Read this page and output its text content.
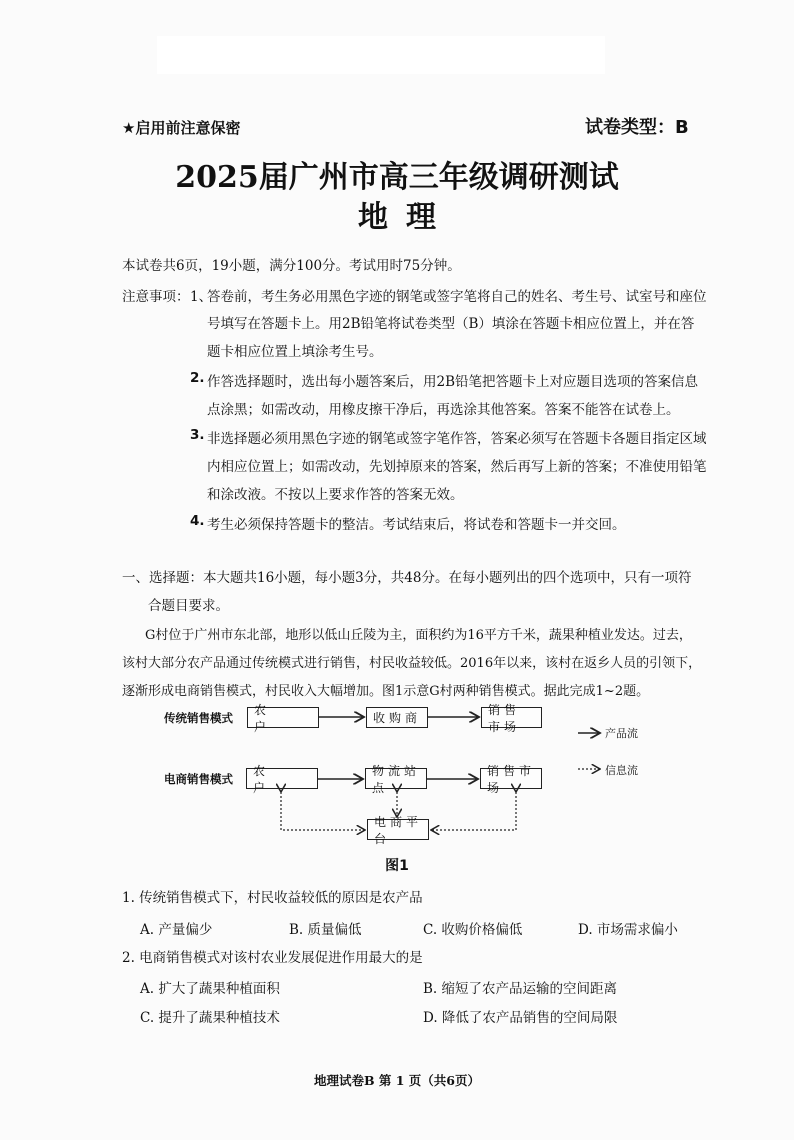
★启用前注意保密	试卷类型：B
2025届广州市高三年级调研测试
地理
本试卷共6页，19小题，满分100分。考试用时75分钟。
注意事项： 1、
答卷前，考生务必用黑色字迹的钢笔或签字笔将自己的姓名、考生号、试室号和座位
号填写在答题卡上。用2B铅笔将试卷类型（B）填涂在答题卡相应位置上，并在答
题卡相应位置上填涂考生号。
2. 作答选择题时，选出每小题答案后，用2B铅笔把答题卡上对应题目选项的答案信息
点涂黑；如需改动，用橡皮擦干净后，再选涂其他答案。答案不能答在试卷上。
3. 非选择题必须用黑色字迹的钢笔或签字笔作答，答案必须写在答题卡各题目指定区域
内相应位置上；如需改动，先划掉原来的答案，然后再写上新的答案；不准使用铅笔
和涂改液。不按以上要求作答的答案无效。
4. 考生必须保持答题卡的整洁。考试结束后，将试卷和答题卡一并交回。
一、选择题：本大题共16小题，每小题3分，共48分。在每小题列出的四个选项中，只有一项符
合题目要求。
G村位于广州市东北部，地形以低山丘陵为主，面积约为16平方千米，蔬果种植业发达。过去，
该村大部分农产品通过传统模式进行销售，村民收益较低。2016年以来，该村在返乡人员的引领下，
逐渐形成电商销售模式，村民收入大幅增加。图1示意G村两种销售模式。据此完成1~2题。
传统销售模式
电商销售模式
农　　户
收购商
销售市场
农　　户
物流站点
销售市场
电商平台
产品流
信息流
图1
1. 传统销售模式下，村民收益较低的原因是农产品
A. 产量偏少	B. 质量偏低	C. 收购价格偏低	D. 市场需求偏小
2. 电商销售模式对该村农业发展促进作用最大的是
A. 扩大了蔬果种植面积	B. 缩短了农产品运输的空间距离
C. 提升了蔬果种植技术	D. 降低了农产品销售的空间局限
地理试卷B 第 1 页（共6页）
